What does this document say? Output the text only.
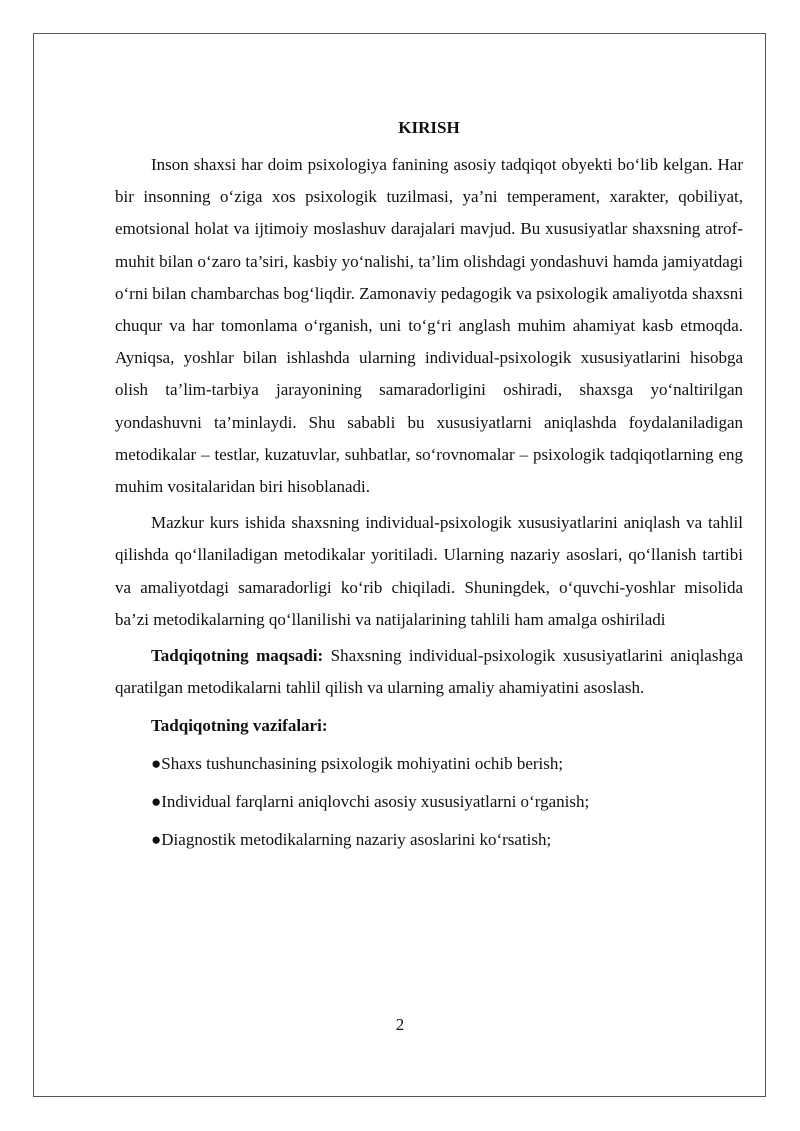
KIRISH

Inson shaxsi har doim psixologiya fanining asosiy tadqiqot obyekti bo‘lib kelgan. Har bir insonning o‘ziga xos psixologik tuzilmasi, ya’ni temperament, xarakter, qobiliyat, emotsional holat va ijtimoiy moslashuv darajalari mavjud. Bu xususiyatlar shaxsning atrof-muhit bilan o‘zaro ta’siri, kasbiy yo‘nalishi, ta’lim olishdagi yondashuvi hamda jamiyatdagi o‘rni bilan chambarchas bog‘liqdir. Zamonaviy pedagogik va psixologik amaliyotda shaxsni chuqur va har tomonlama o‘rganish, uni to‘g‘ri anglash muhim ahamiyat kasb etmoqda. Ayniqsa, yoshlar bilan ishlashda ularning individual-psixologik xususiyatlarini hisobga olish ta’lim-tarbiya jarayonining samaradorligini oshiradi, shaxsga yo‘naltirilgan yondashuvni ta’minlaydi. Shu sababli bu xususiyatlarni aniqlashda foydalaniladigan metodikalar – testlar, kuzatuvlar, suhbatlar, so‘rovnomalar – psixologik tadqiqotlarning eng muhim vositalaridan biri hisoblanadi.

Mazkur kurs ishida shaxsning individual-psixologik xususiyatlarini aniqlash va tahlil qilishda qo‘llaniladigan metodikalar yoritiladi. Ularning nazariy asoslari, qo‘llanish tartibi va amaliyotdagi samaradorligi ko‘rib chiqiladi. Shuningdek, o‘quvchi-yoshlar misolida ba’zi metodikalarning qo‘llanilishi va natijalarining tahlili ham amalga oshiriladi

Tadqiqotning maqsadi: Shaxsning individual-psixologik xususiyatlarini aniqlashga qaratilgan metodikalarni tahlil qilish va ularning amaliy ahamiyatini asoslash.

Tadqiqotning vazifalari:
●Shaxs tushunchasining psixologik mohiyatini ochib berish;
●Individual farqlarni aniqlovchi asosiy xususiyatlarni o‘rganish;
●Diagnostik metodikalarning nazariy asoslarini ko‘rsatish;
2
